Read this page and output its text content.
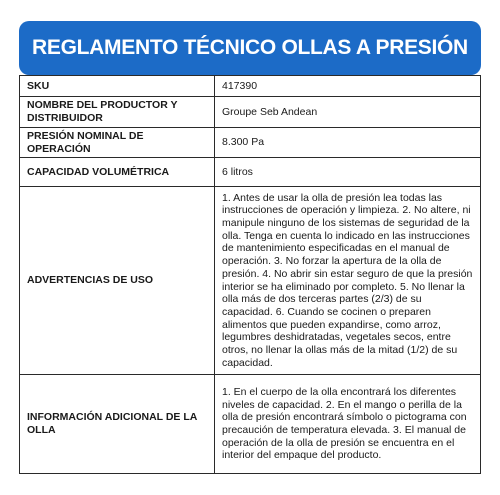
REGLAMENTO TÉCNICO OLLAS A PRESIÓN
SKU	417390
NOMBRE DEL PRODUCTOR Y DISTRIBUIDOR	Groupe Seb Andean
PRESIÓN NOMINAL DE OPERACIÓN	8.300 Pa
CAPACIDAD VOLUMÉTRICA	6 litros
ADVERTENCIAS DE USO	1. Antes de usar la olla de presión lea todas las instrucciones de operación y limpieza. 2. No altere, ni manipule ninguno de los sistemas de seguridad de la olla. Tenga en cuenta lo indicado en las instrucciones de mantenimiento especificadas en el manual de operación. 3. No forzar la apertura de la olla de presión. 4. No abrir sin estar seguro de que la presión interior se ha eliminado por completo. 5. No llenar la olla más de dos terceras partes (2/3) de su capacidad. 6. Cuando se cocinen o preparen alimentos que pueden expandirse, como arroz, legumbres deshidratadas, vegetales secos, entre otros, no llenar la ollas más de la mitad (1/2) de su capacidad.
INFORMACIÓN ADICIONAL DE LA OLLA	1. En el cuerpo de la olla encontrará los diferentes niveles de capacidad. 2. En el mango o perilla de la olla de presión encontrará símbolo o pictograma con precaución de temperatura elevada. 3. El manual de operación de la olla de presión se encuentra en el interior del empaque del producto.
